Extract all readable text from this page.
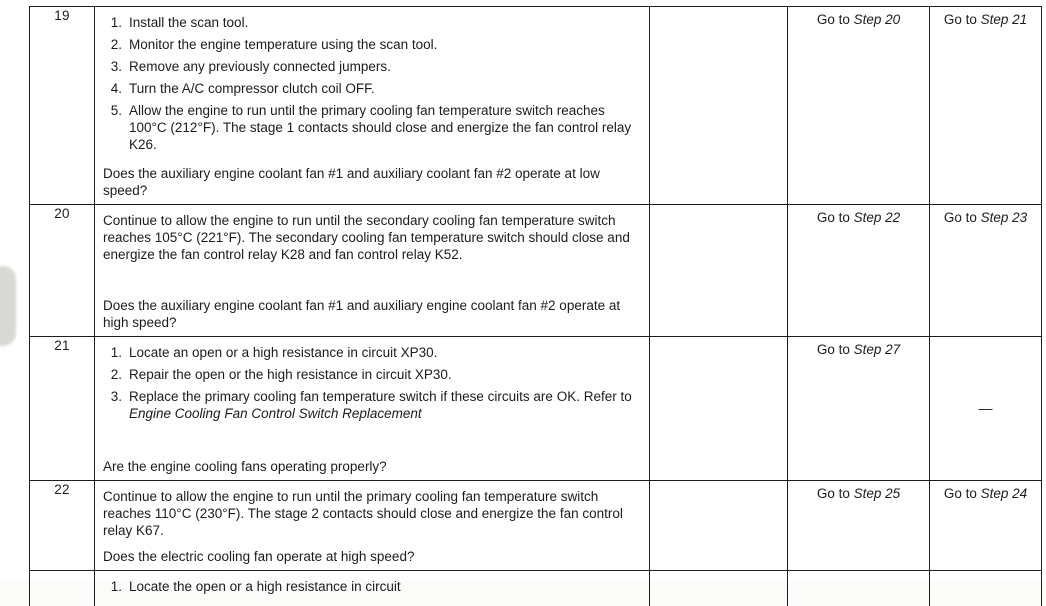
19	1. Install the scan tool.
2. Monitor the engine temperature using the scan tool.
3. Remove any previously connected jumpers.
4. Turn the A/C compressor clutch coil OFF.
5. Allow the engine to run until the primary cooling fan temperature switch reaches 100°C (212°F). The stage 1 contacts should close and energize the fan control relay K26.
Does the auxiliary engine coolant fan #1 and auxiliary coolant fan #2 operate at low speed?
		Go to Step 20	Go to Step 21
20	Continue to allow the engine to run until the secondary cooling fan temperature switch reaches 105°C (221°F). The secondary cooling fan temperature switch should close and energize the fan control relay K28 and fan control relay K52.
Does the auxiliary engine coolant fan #1 and auxiliary engine coolant fan #2 operate at high speed?		Go to Step 22	Go to Step 23
21	1. Locate an open or a high resistance in circuit XP30.
2. Repair the open or the high resistance in circuit XP30.
3. Replace the primary cooling fan temperature switch if these circuits are OK. Refer to Engine Cooling Fan Control Switch Replacement
Are the engine cooling fans operating properly?
		Go to Step 27	—
22	Continue to allow the engine to run until the primary cooling fan temperature switch reaches 110°C (230°F). The stage 2 contacts should close and energize the fan control relay K67.
Does the electric cooling fan operate at high speed?		Go to Step 25	Go to Step 24

	1. Locate the open or a high resistance in circuit			
